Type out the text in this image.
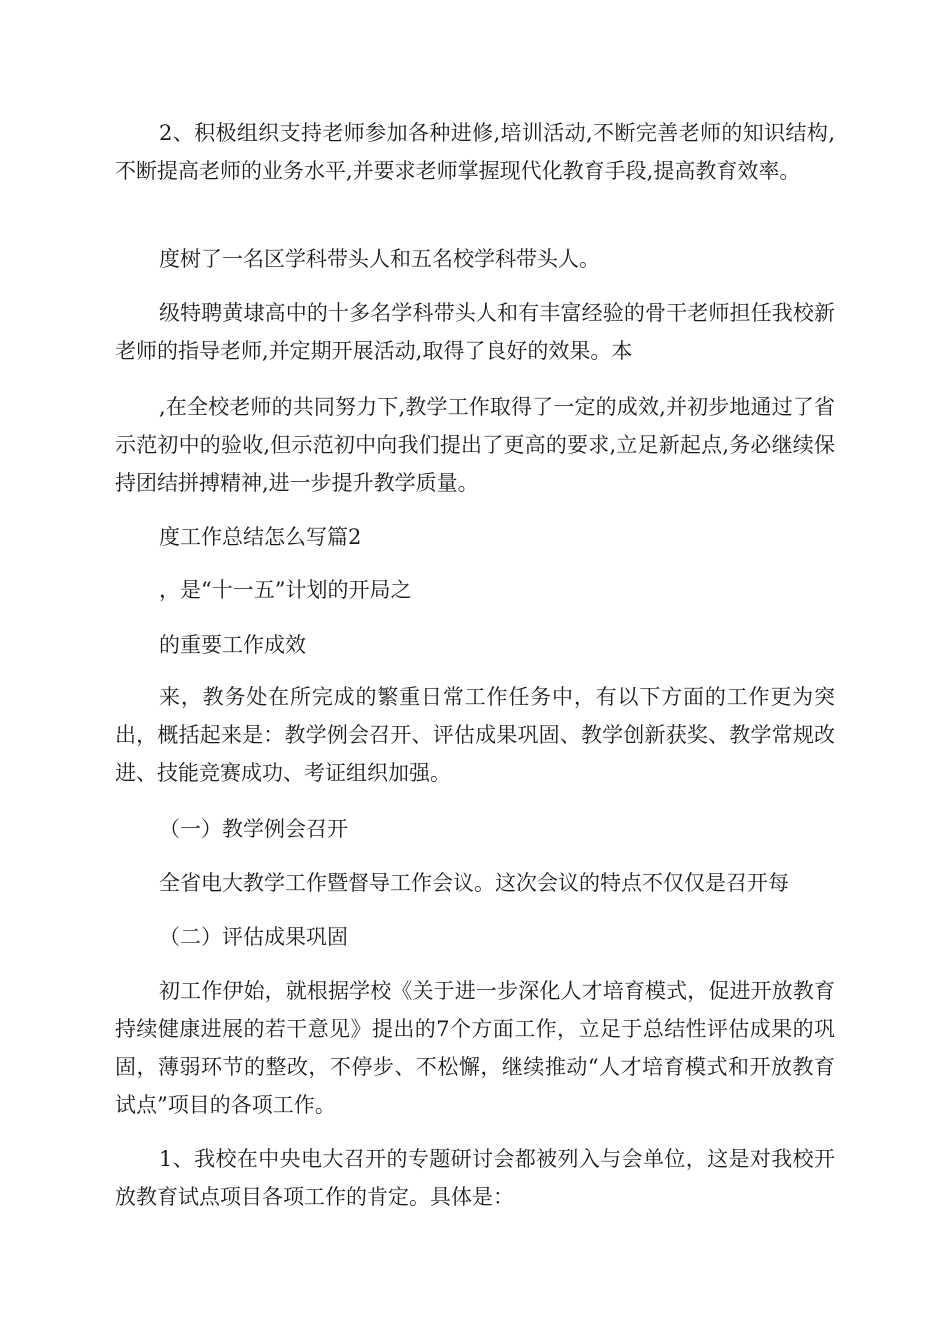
2、积极组织支持老师参加各种进修,培训活动,不断完善老师的知识结构,不断提高老师的业务水平,并要求老师掌握现代化教育手段,提高教育效率。

度树了一名区学科带头人和五名校学科带头人。

级特聘黄埭高中的十多名学科带头人和有丰富经验的骨干老师担任我校新老师的指导老师,并定期开展活动,取得了良好的效果。本

,在全校老师的共同努力下,教学工作取得了一定的成效,并初步地通过了省示范初中的验收,但示范初中向我们提出了更高的要求,立足新起点,务必继续保持团结拼搏精神,进一步提升教学质量。

度工作总结怎么写篇2

，是“十一五”计划的开局之

的重要工作成效

来，教务处在所完成的繁重日常工作任务中，有以下方面的工作更为突出，概括起来是：教学例会召开、评估成果巩固、教学创新获奖、教学常规改进、技能竞赛成功、考证组织加强。

（一）教学例会召开

全省电大教学工作暨督导工作会议。这次会议的特点不仅仅是召开每

（二）评估成果巩固

初工作伊始，就根据学校《关于进一步深化人才培育模式，促进开放教育持续健康进展的若干意见》提出的7个方面工作，立足于总结性评估成果的巩固，薄弱环节的整改，不停步、不松懈，继续推动“人才培育模式和开放教育试点”项目的各项工作。

1、我校在中央电大召开的专题研讨会都被列入与会单位，这是对我校开放教育试点项目各项工作的肯定。具体是：
